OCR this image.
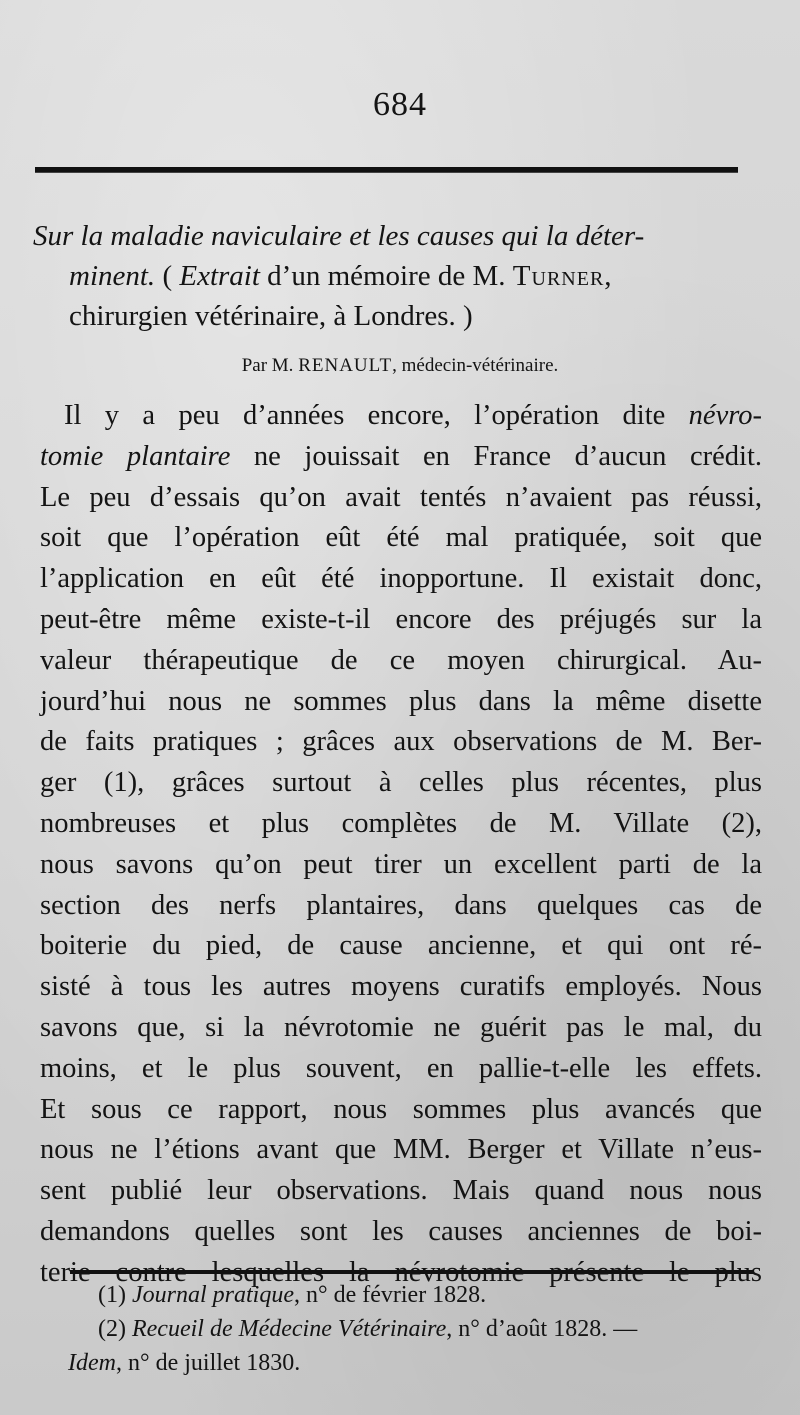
684
Sur la maladie naviculaire et les causes qui la déter-
minent. ( Extrait d’un mémoire de M. Turner,
chirurgien vétérinaire, à Londres. )
Par M. RENAULT, médecin-vétérinaire.
Il y a peu d’années encore, l’opération dite névro-
tomie plantaire ne jouissait en France d’aucun crédit.
Le peu d’essais qu’on avait tentés n’avaient pas réussi,
soit que l’opération eût été mal pratiquée, soit que
l’application en eût été inopportune. Il existait donc,
peut-être même existe-t-il encore des préjugés sur la
valeur thérapeutique de ce moyen chirurgical. Au-
jourd’hui nous ne sommes plus dans la même disette
de faits pratiques ; grâces aux observations de M. Ber-
ger (1), grâces surtout à celles plus récentes, plus
nombreuses et plus complètes de M. Villate (2),
nous savons qu’on peut tirer un excellent parti de la
section des nerfs plantaires, dans quelques cas de
boiterie du pied, de cause ancienne, et qui ont ré-
sisté à tous les autres moyens curatifs employés. Nous
savons que, si la névrotomie ne guérit pas le mal, du
moins, et le plus souvent, en pallie-t-elle les effets.
Et sous ce rapport, nous sommes plus avancés que
nous ne l’étions avant que MM. Berger et Villate n’eus-
sent publié leur observations. Mais quand nous nous
demandons quelles sont les causes anciennes de boi-
terie contre lesquelles la névrotomie présente le plus
(1) Journal pratique, n° de février 1828.
(2) Recueil de Médecine Vétérinaire, n° d’août 1828. —
Idem, n° de juillet 1830.
